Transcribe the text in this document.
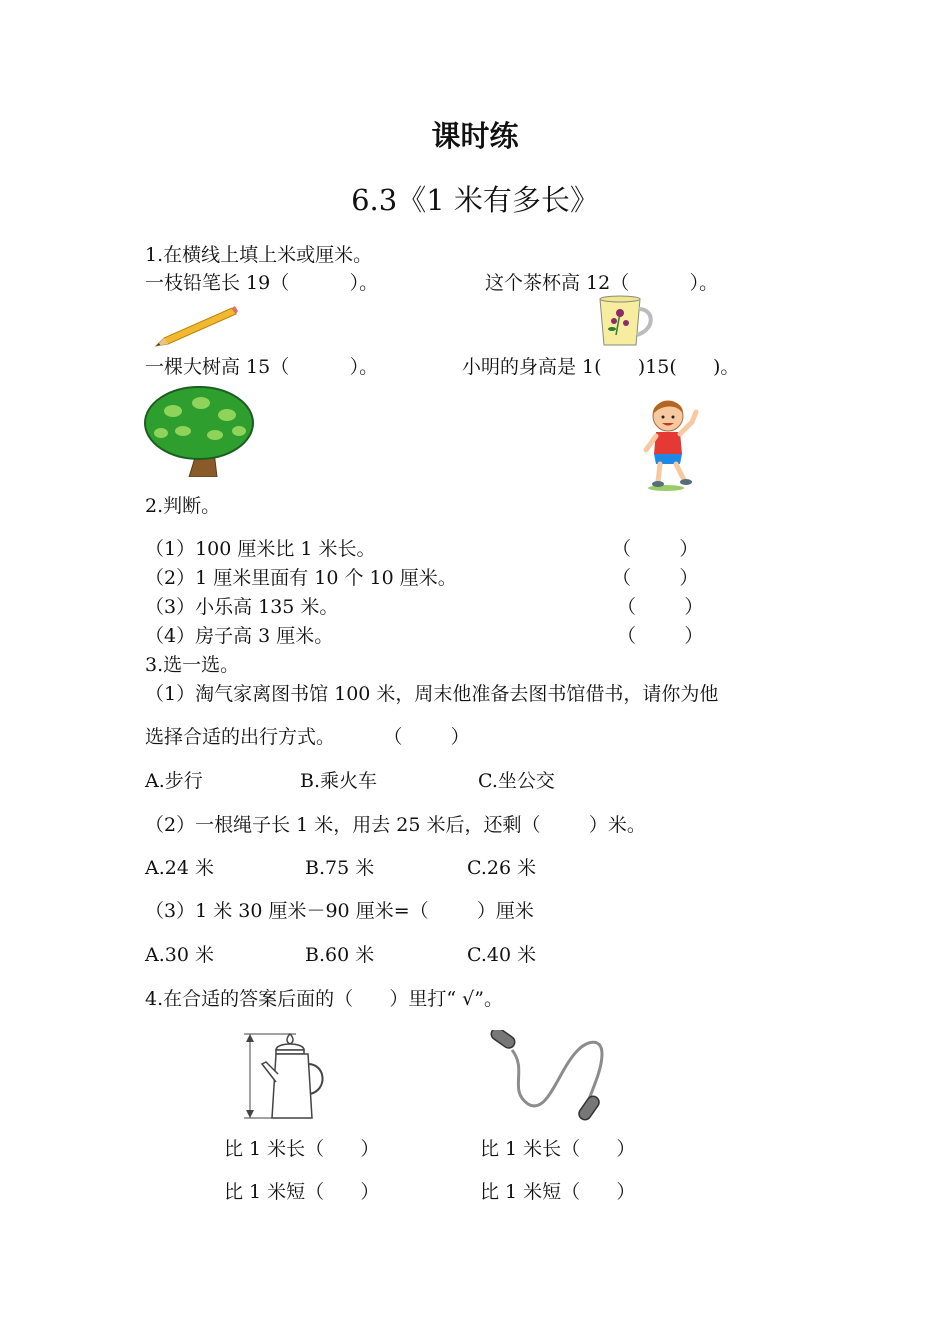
课时练
6.3《1 米有多长》
1.在横线上填上米或厘米。
一枝铅笔长 19（          ）。	这个茶杯高 12（          ）。
一棵大树高 15（          ）。	小明的身高是 1(      )15(      )。
2.判断。
（1）100 厘米比 1 米长。	（        ）
（2）1 厘米里面有 10 个 10 厘米。	（        ）
（3）小乐高 135 米。	（        ）
（4）房子高 3 厘米。	（        ）
3.选一选。
（1）淘气家离图书馆 100 米，周末他准备去图书馆借书，请你为他
选择合适的出行方式。        （        ）
A.步行	B.乘火车	C.坐公交
（2）一根绳子长 1 米，用去 25 米后，还剩（        ）米。
A.24 米	B.75 米	C.26 米
（3）1 米 30 厘米－90 厘米=（        ）厘米
A.30 米	B.60 米	C.40 米
4.在合适的答案后面的（      ）里打“ √”。
比 1 米长（      ）	比 1 米长（      ）
比 1 米短（      ）	比 1 米短（      ）
